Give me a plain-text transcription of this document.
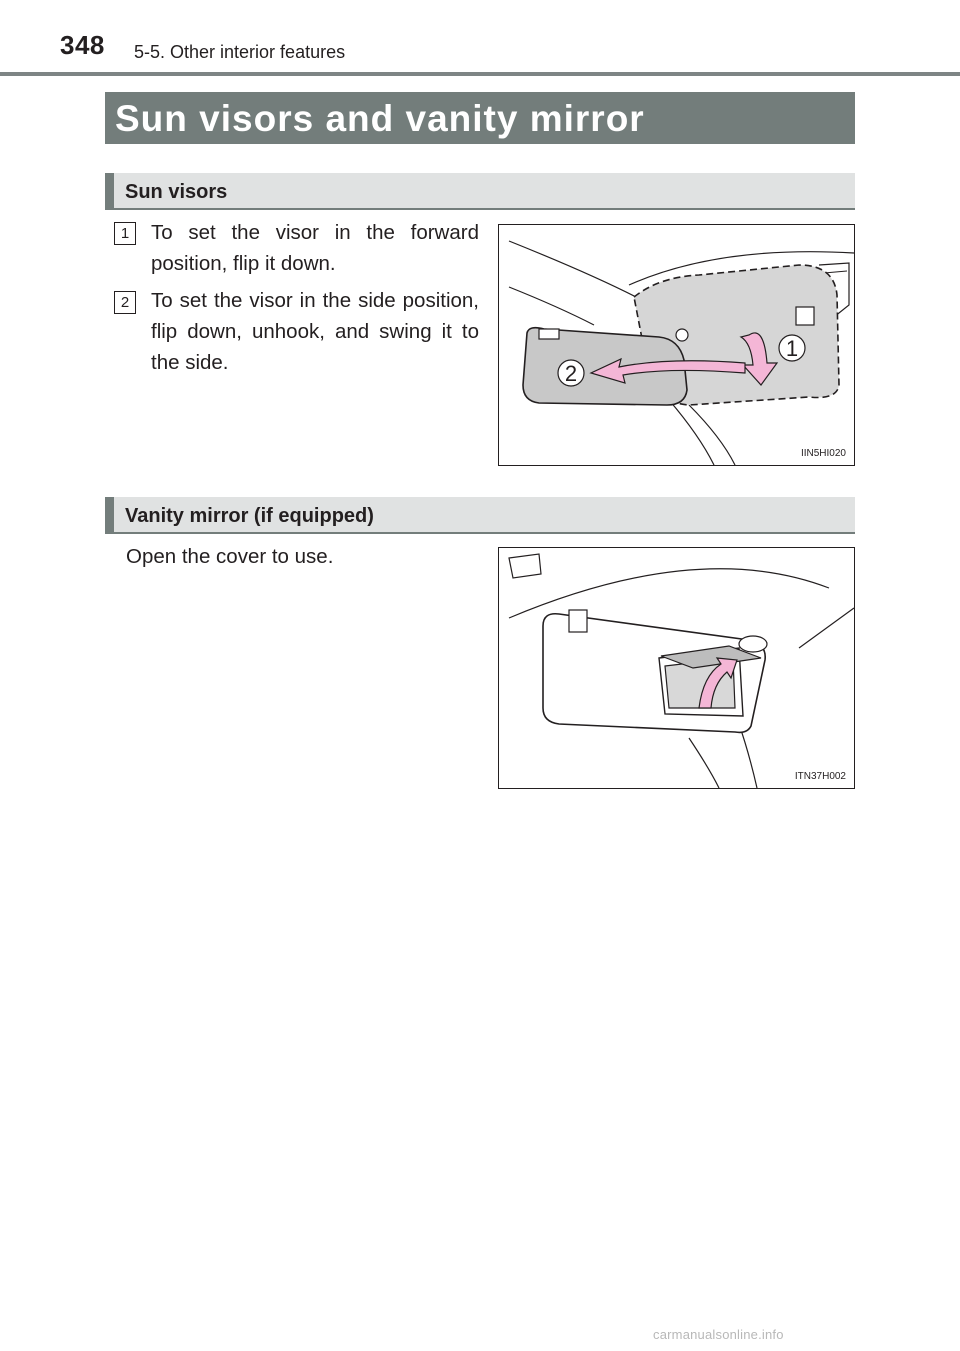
348 5-5. Other interior features
Sun visors and vanity mirror
Sun visors
1	To set the visor in the forward position, flip it down.
2	To set the visor in the side position, flip down, unhook, and swing it to the side.
1
2
IIN5HI020
Vanity mirror (if equipped)
Open the cover to use.
ITN37H002
carmanualsonline.info
